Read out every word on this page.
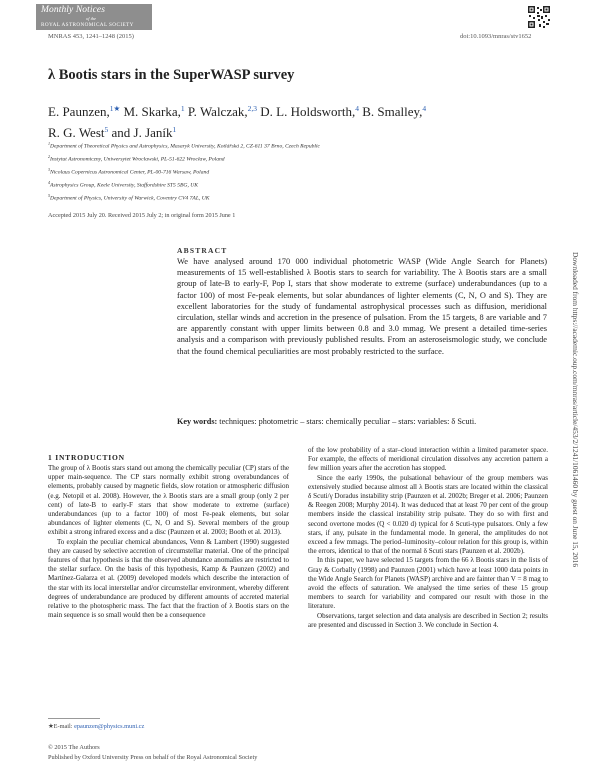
Monthly Notices
of the
ROYAL ASTRONOMICAL SOCIETY
MNRAS 453, 1241–1248 (2015)	doi:10.1093/mnras/stv1652
λ Bootis stars in the SuperWASP survey
E. Paunzen,$^{1★}$ M. Skarka,$^1$ P. Walczak,$^{2,3}$ D. L. Holdsworth,$^4$ B. Smalley,$^4$
R. G. West$^5$ and J. Janík$^1$
$^1$Department of Theoretical Physics and Astrophysics, Masaryk University, Kotlářská 2, CZ-611 37 Brno, Czech Republic
$^2$Instytut Astronomiczny, Uniwersytet Wrocławski, PL-51-622 Wrocław, Poland
$^3$Nicolaus Copernicus Astronomical Center, PL-00-716 Warsaw, Poland
$^4$Astrophysics Group, Keele University, Staffordshire ST5 5BG, UK
$^5$Department of Physics, University of Warwick, Coventry CV4 7AL, UK
Accepted 2015 July 20. Received 2015 July 2; in original form 2015 June 1
ABSTRACT
We have analysed around 170 000 individual photometric WASP (Wide Angle Search for Planets) measurements of 15 well-established λ Bootis stars to search for variability. The λ Bootis stars are a small group of late-B to early-F, Pop I, stars that show moderate to extreme (surface) underabundances (up to a factor 100) of most Fe-peak elements, but solar abundances of lighter elements (C, N, O and S). They are excellent laboratories for the study of fundamental astrophysical processes such as diffusion, meridional circulation, stellar winds and accretion in the presence of pulsation. From the 15 targets, 8 are variable and 7 are apparently constant with upper limits between 0.8 and 3.0 mmag. We present a detailed time-series analysis and a comparison with previously published results. From an asteroseismologic study, we conclude that the found chemical peculiarities are most probably restricted to the surface.
Key words: techniques: photometric – stars: chemically peculiar – stars: variables: δ Scuti.	Downloaded from https://academic.oup.com/mnras/article/453/2/1241/1061460 by guest on June 15, 2016
1 INTRODUCTION

The group of λ Bootis stars stand out among the chemically peculiar (CP) stars of the upper main-sequence. The CP stars normally exhibit strong overabundances of elements, probably caused by magnetic fields, slow rotation or atmospheric diffusion (e.g. Netopil et al. 2008). However, the λ Bootis stars are a small group (only 2 per cent) of late-B to early-F stars that show moderate to extreme (surface) underabundances (up to a factor 100) of most Fe-peak elements, but solar abundances of lighter elements (C, N, O and S). Several members of the group exhibit a strong infrared excess and a disc (Paunzen et al. 2003; Booth et al. 2013).

To explain the peculiar chemical abundances, Venn & Lambert (1990) suggested they are caused by selective accretion of circumstellar material. One of the principal features of that hypothesis is that the observed abundance anomalies are restricted to the stellar surface. On the basis of this hypothesis, Kamp & Paunzen (2002) and Martínez-Galarza et al. (2009) developed models which describe the interaction of the star with its local interstellar and/or circumstellar environment, whereby different degrees of underabundance are produced by different amounts of accreted material relative to the photospheric mass. The fact that the fraction of λ Bootis stars on the main sequence is so small would then be a consequence

of the low probability of a star–cloud interaction within a limited parameter space. For example, the effects of meridional circulation dissolves any accretion pattern a few million years after the accretion has stopped.

Since the early 1990s, the pulsational behaviour of the group members was extensively studied because almost all λ Bootis stars are located within the classical δ Scuti/γ Doradus instability strip (Paunzen et al. 2002b; Breger et al. 2006; Paunzen & Reegen 2008; Murphy 2014). It was deduced that at least 70 per cent of the group members inside the classical instability strip pulsate. They do so with first and second overtone modes (Q < 0.020 d) typical for δ Scuti-type pulsators. Only a few stars, if any, pulsate in the fundamental mode. In general, the amplitudes do not exceed a few mmags. The period–luminosity–colour relation for this group is, within the errors, identical to that of the normal δ Scuti stars (Paunzen et al. 2002b).

In this paper, we have selected 15 targets from the 66 λ Bootis stars in the lists of Gray & Corbally (1998) and Paunzen (2001) which have at least 1000 data points in the Wide Angle Search for Planets (WASP) archive and are fainter than V = 8 mag to avoid the effects of saturation. We analysed the time series of these 15 group members to search for variability and compared our result with those in the literature.

Observations, target selection and data analysis are described in Section 2; results are presented and discussed in Section 3. We conclude in Section 4.

★E-mail: epaunzen@physics.muni.cz
© 2015 The Authors
Published by Oxford University Press on behalf of the Royal Astronomical Society
